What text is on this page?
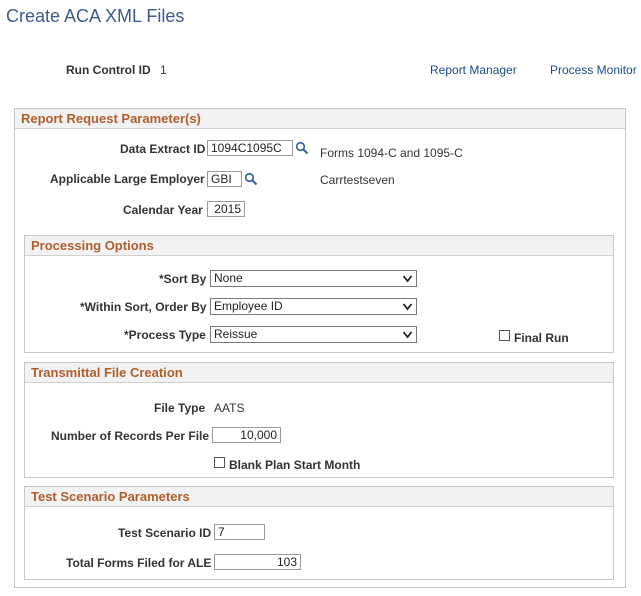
Create ACA XML Files
Run Control ID 1	Report Manager	Process Monitor
Report Request Parameter(s)
Data Extract ID 1094C1095C	Forms 1094-C and 1095-C
Applicable Large Employer GBI	Carrtestseven
Calendar Year 2015
Processing Options
*Sort By None
*Within Sort, Order By Employee ID
*Process Type Reissue	Final Run
Transmittal File Creation
File Type AATS
Number of Records Per File	10,000
Blank Plan Start Month
Test Scenario Parameters
Test Scenario ID 7
Total Forms Filed for ALE	103
